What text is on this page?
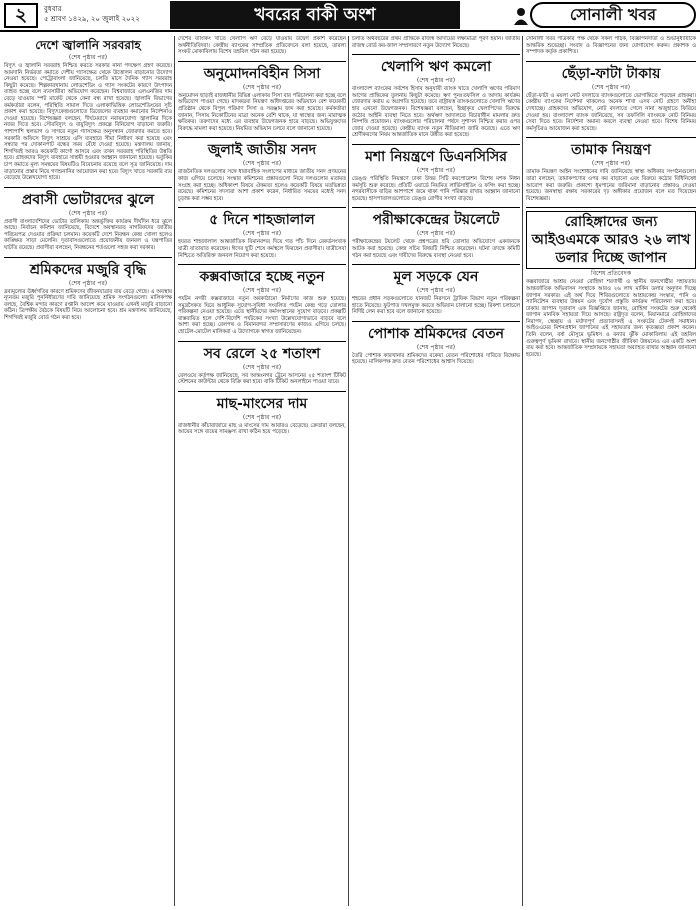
২	বুধবার
৫ শ্রাবণ ১৪২৯, ২০ জুলাই ২০২২	খবরের বাকী অংশ	সোনালী খবর
দেশে জ্বালানি সরবরাহ
(শেষ পৃষ্ঠার পর)
বিদ্যুৎ ও জ্বালানি সরবরাহ নিশ্চিত করতে সরকার নানা পদক্ষেপ গ্রহণ করেছে। আমদানি নির্ভরতা কমাতে দেশীয় গ্যাসক্ষেত্র থেকে উত্তোলন বাড়ানোর উদ্যোগ নেওয়া হয়েছে। পেট্রোবাংলা জানিয়েছে, চলতি মাসে দৈনিক গ্যাস সরবরাহ কিছুটা কমেছে। শিল্পকারখানায় লোডশেডিং ও গ্যাস সংকটের কারণে উৎপাদন ব্যাহত হচ্ছে বলে ব্যবসায়ীরা অভিযোগ করেছেন। বিশ্ববাজারে এলএনজির দাম বেড়ে যাওয়ায় স্পট মার্কেট থেকে কেনা বন্ধ রাখা হয়েছে। জ্বালানি বিভাগের কর্মকর্তারা বলেন, পরিস্থিতি সামাল দিতে এলাকাভিত্তিক লোডশেডিংয়ের সূচি প্রকাশ করা হয়েছে। বিদ্যুৎকেন্দ্রগুলোতে ডিজেলের ব্যবহার কমানোর নির্দেশনাও দেওয়া হয়েছে। বিশেষজ্ঞরা বলছেন, দীর্ঘমেয়াদে নবায়নযোগ্য জ্বালানির দিকে নজর দিতে হবে। সৌরবিদ্যুৎ ও বায়ুবিদ্যুৎ প্রকল্পে বিনিয়োগ বাড়ানো জরুরি। পাশাপাশি স্থলভাগ ও সাগরে নতুন গ্যাসক্ষেত্র অনুসন্ধান জোরদার করতে হবে। সরকারি অফিসে বিদ্যুৎ সাশ্রয়ে এসি ব্যবহারে সীমা নির্ধারণ করা হয়েছে এবং সন্ধ্যার পর দোকানপাট বন্ধের সময় বেঁধে দেওয়া হয়েছে। মন্ত্রণালয় জানায়, শিগগিরই আরও কয়েকটি কার্গো আসবে এবং তখন সরবরাহ পরিস্থিতির উন্নতি হবে। গ্রাহকদের বিদ্যুৎ ব্যবহারে সাশ্রয়ী হওয়ার আহ্বান জানানো হয়েছে। ভর্তুকির চাপ কমাতে মূল্য সমন্বয়ের বিষয়টিও বিবেচনায় রয়েছে বলে সূত্র জানিয়েছে। দাম বাড়ানোর প্রস্তাব নিয়ে গণশুনানির আয়োজন করা হবে। বিদ্যুৎ খাতে সরকারি ব্যয় বেড়েছে উল্লেখযোগ্য হারে।
প্রবাসী ভোটারদের ঝুলে
(শেষ পৃষ্ঠার পর)
প্রবাসী বাংলাদেশিদের ভোটার তালিকায় অন্তর্ভুক্তির কার্যক্রম দীর্ঘদিন ধরে ঝুলে আছে। নির্বাচন কমিশন জানিয়েছে, বিদেশে অবস্থানরত নাগরিকদের জাতীয় পরিচয়পত্র দেওয়ার প্রক্রিয়া চলমান। কয়েকটি দেশে নিবন্ধন কেন্দ্র খোলা হলেও কাঙ্ক্ষিত সাড়া মেলেনি। দূতাবাসগুলোতে প্রয়োজনীয় জনবল ও যন্ত্রপাতির ঘাটতি রয়েছে। প্রবাসীরা বলছেন, নিবন্ধনের শর্তগুলো সহজ করা দরকার।
শ্রমিকদের মজুরি বৃদ্ধি
(শেষ পৃষ্ঠার পর)
দ্রব্যমূল্যের ঊর্ধ্বগতির কারণে শ্রমিকদের জীবনযাত্রার ব্যয় বেড়ে গেছে। এ অবস্থায় ন্যূনতম মজুরি পুনর্নির্ধারণের দাবি জানিয়েছে শ্রমিক সংগঠনগুলো। মালিকপক্ষ বলছে, বৈশ্বিক মন্দার কারণে রপ্তানি আদেশ কমে যাওয়ায় এখনই মজুরি বাড়ানো কঠিন। ত্রিপক্ষীয় বৈঠকে বিষয়টি নিয়ে আলোচনা হবে। শ্রম মন্ত্রণালয় জানিয়েছে, শিগগিরই মজুরি বোর্ড গঠন করা হবে।
দেশের ব্যাংকিং খাতে খেলাপি ঋণ বেড়ে যাওয়ায় উদ্বেগ প্রকাশ করেছেন অর্থনীতিবিদরা। কেন্দ্রীয় ব্যাংকের সাম্প্রতিক প্রতিবেদনে বলা হয়েছে, তারল্য সংকট মোকাবিলায় বিশেষ তহবিল গঠন করা হয়েছে।
অনুমোদনবিহীন সিসা
(শেষ পৃষ্ঠার পর)
অনুমোদন ছাড়াই রাজধানীর বিভিন্ন এলাকায় সিসা বার পরিচালনা করা হচ্ছে বলে অভিযোগ পাওয়া গেছে। মাদকদ্রব্য নিয়ন্ত্রণ অধিদপ্তরের অভিযানে বেশ কয়েকটি প্রতিষ্ঠান থেকে বিপুল পরিমাণ সিসা ও সরঞ্জাম জব্দ করা হয়েছে। কর্মকর্তারা জানান, সিসায় নিকোটিনের মাত্রা অনেক বেশি থাকে, যা স্বাস্থ্যের জন্য মারাত্মক ক্ষতিকর। তরুণদের মধ্যে এর ব্যবহার উদ্বেগজনক হারে বাড়ছে। অভিযুক্তদের বিরুদ্ধে মামলা করা হয়েছে। নিয়মিত অভিযান চলবে বলে জানানো হয়েছে।
জুলাই জাতীয় সনদ
(শেষ পৃষ্ঠার পর)
রাজনৈতিক দলগুলোর সঙ্গে ধারাবাহিক সংলাপের মাধ্যমে জাতীয় সনদ প্রণয়নের কাজ এগিয়ে চলেছে। সংস্কার কমিশনের প্রস্তাবগুলো নিয়ে দলগুলোর মতামত সংগ্রহ করা হচ্ছে। অধিকাংশ বিষয়ে ঐকমত্য হলেও কয়েকটি বিষয়ে মতভিন্নতা রয়েছে। কমিশনের সদস্যরা আশা প্রকাশ করেন, নির্ধারিত সময়ের মধ্যেই সনদ চূড়ান্ত করা সম্ভব হবে।
৫ দিনে শাহজালাল
(শেষ পৃষ্ঠার পর)
হযরত শাহজালাল আন্তর্জাতিক বিমানবন্দর দিয়ে গত পাঁচ দিনে রেকর্ডসংখ্যক যাত্রী যাতায়াত করেছেন। ঈদের ছুটি শেষে কর্মস্থলে ফিরছেন প্রবাসীরা। যাত্রীসেবা নিশ্চিতে অতিরিক্ত জনবল নিয়োগ করা হয়েছে।
কক্সবাজারে হচ্ছে নতুন
(শেষ পৃষ্ঠার পর)
পর্যটন নগরী কক্সবাজারে নতুন অবকাঠামো নির্মাণের কাজ শুরু হয়েছে। সমুদ্রসৈকত ঘিরে আধুনিক সুযোগ-সুবিধা সংবলিত পর্যটন কেন্দ্র গড়ে তোলার পরিকল্পনা নেওয়া হয়েছে। এতে স্থানীয়দের কর্মসংস্থানের সুযোগ বাড়বে। প্রকল্পটি বাস্তবায়িত হলে দেশি-বিদেশি পর্যটকের সংখ্যা উল্লেখযোগ্যভাবে বাড়বে বলে আশা করা হচ্ছে। রেলপথ ও বিমানবন্দর সম্প্রসারণের কাজও এগিয়ে চলছে। হোটেল-মোটেল মালিকরা এ উদ্যোগকে স্বাগত জানিয়েছেন।
সব রেলে ২৫ শতাংশ
(শেষ পৃষ্ঠার পর)
রেলওয়ে কর্তৃপক্ষ জানিয়েছে, সব আন্তঃনগর ট্রেনে আসনের ২৫ শতাংশ টিকিট স্টেশনের কাউন্টার থেকে বিক্রি করা হবে। বাকি টিকিট অনলাইনে পাওয়া যাবে।
মাছ-মাংসের দাম
(শেষ পৃষ্ঠার পর)
রাজধানীর কাঁচাবাজারে মাছ ও মাংসের দাম আবারও বেড়েছে। ক্রেতারা বলছেন, আয়ের সঙ্গে ব্যয়ের সামঞ্জস্য রাখা কঠিন হয়ে পড়েছে।
চলতি অর্থবছরের প্রথম প্রান্তিকে রাজস্ব আদায়ের লক্ষ্যমাত্রা পূরণ হয়নি। জাতীয় রাজস্ব বোর্ড কর-জাল সম্প্রসারণে নতুন উদ্যোগ নিয়েছে।
খেলাপি ঋণ কমলো
(শেষ পৃষ্ঠার পর)
বাংলাদেশ ব্যাংকের সর্বশেষ হিসাব অনুযায়ী ব্যাংক খাতে খেলাপি ঋণের পরিমাণ আগের প্রান্তিকের তুলনায় কিছুটা কমেছে। ঋণ পুনঃতফসিল ও আদায় কার্যক্রম জোরদার করায় এ অগ্রগতি হয়েছে। তবে রাষ্ট্রায়ত্ত ব্যাংকগুলোতে খেলাপি ঋণের হার এখনো উদ্বেগজনক। বিশেষজ্ঞরা বলছেন, ইচ্ছাকৃত খেলাপিদের বিরুদ্ধে কঠোর আইনি ব্যবস্থা নিতে হবে। অর্থঋণ আদালতে বিচারাধীন মামলার দ্রুত নিষ্পত্তি প্রয়োজন। ব্যাংকগুলোর পরিচালনা পর্ষদে সুশাসন নিশ্চিত করার ওপর জোর দেওয়া হয়েছে। কেন্দ্রীয় ব্যাংক নতুন নীতিমালা জারি করেছে। এতে ঋণ শ্রেণীকরণের নিয়ম আন্তর্জাতিক মানে উন্নীত করা হয়েছে।
মশা নিয়ন্ত্রণে ডিএনসিসির
(শেষ পৃষ্ঠার পর)
ডেঙ্গু পরিস্থিতি নিয়ন্ত্রণে ঢাকা উত্তর সিটি করপোরেশন বিশেষ মশক নিধন কর্মসূচি শুরু করেছে। প্রতিটি ওয়ার্ডে নিয়মিত লার্ভিসাইডিং ও ফগিং করা হচ্ছে। নগরবাসীকে বাড়ির আশপাশে জমে থাকা পানি পরিষ্কার রাখার আহ্বান জানানো হয়েছে। হাসপাতালগুলোতে ডেঙ্গু রোগীর সংখ্যা বাড়ছে।
পরীক্ষাকেন্দ্রের টয়লেটে
(শেষ পৃষ্ঠার পর)
পরীক্ষাকেন্দ্রের টয়লেট থেকে প্রশ্নপত্রের ছবি তোলার অভিযোগে একজনকে আটক করা হয়েছে। কেন্দ্র সচিব বিষয়টি নিশ্চিত করেছেন। ঘটনা তদন্তে কমিটি গঠন করা হয়েছে এবং দায়ীদের বিরুদ্ধে ব্যবস্থা নেওয়া হবে।
মূল সড়কে যেন
(শেষ পৃষ্ঠার পর)
শহরের প্রধান সড়কগুলোতে যানজট নিরসনে ট্রাফিক বিভাগ নতুন পরিকল্পনা হাতে নিয়েছে। ফুটপাত দখলমুক্ত করতে অভিযান চালানো হচ্ছে। রিকশা চলাচলে নির্দিষ্ট লেন করা হবে বলে জানানো হয়েছে।
পোশাক শ্রমিকদের বেতন
(শেষ পৃষ্ঠার পর)
তৈরি পোশাক কারখানার শ্রমিকদের বকেয়া বেতন পরিশোধের দাবিতে বিক্ষোভ হয়েছে। মালিকপক্ষ দ্রুত বেতন পরিশোধের আশ্বাস দিয়েছে।
সোনালী খবর পত্রিকার পক্ষ থেকে সকল পাঠক, বিজ্ঞাপনদাতা ও শুভানুধ্যায়ীকে আন্তরিক শুভেচ্ছা। সংবাদ ও বিজ্ঞাপনের জন্য যোগাযোগ করুন। প্রকাশক ও সম্পাদক কর্তৃক প্রকাশিত।
ছেঁড়া-ফাটা টাকায়
(শেষ পৃষ্ঠার পর)
ছেঁড়া-ফাটা ও ময়লা নোট বদলাতে ব্যাংকগুলোতে ভোগান্তিতে পড়ছেন গ্রাহকরা। কেন্দ্রীয় ব্যাংকের নির্দেশনা থাকলেও অনেক শাখা এসব নোট গ্রহণে অনীহা দেখাচ্ছে। গ্রাহকদের অভিযোগ, নোট বদলাতে গেলে নানা অজুহাতে ফিরিয়ে দেওয়া হয়। বাংলাদেশ ব্যাংক জানিয়েছে, সব তফসিলি ব্যাংককে নোট বিনিময় সেবা দিতে হবে। নির্দেশনা অমান্য করলে ব্যবস্থা নেওয়া হবে। বিশেষ বিনিময় কর্মসূচিরও আয়োজন করা হয়েছে।
তামাক নিয়ন্ত্রণ
(শেষ পৃষ্ঠার পর)
তামাক নিয়ন্ত্রণ আইন সংশোধনের দাবি জানিয়েছে স্বাস্থ্য অধিকার সংগঠনগুলো। তারা বলছেন, তামাকপণ্যের ওপর কর বাড়ানো এবং বিক্রয়ে কঠোর বিধিনিষেধ আরোপ করা জরুরি। প্রকাশ্যে ধূমপানের জরিমানা বাড়ানোর প্রস্তাবও দেওয়া হয়েছে। জনস্বাস্থ্য রক্ষায় সরকারের দৃঢ় অঙ্গীকার প্রয়োজন বলে মত দিয়েছেন বিশেষজ্ঞরা।
রোহিঙ্গাদের জন্য আইওএমকে আরও ২৬ লাখ ডলার দিচ্ছে জাপান
বিশেষ প্রতিবেদক
কক্সবাজারে আশ্রয় নেওয়া রোহিঙ্গা শরণার্থী ও স্থানীয় জনগোষ্ঠীর সহায়তায় আন্তর্জাতিক অভিবাসন সংস্থাকে আরও ২৬ লাখ মার্কিন ডলার অনুদান দিচ্ছে জাপান সরকার। এই অর্থ দিয়ে শিবিরগুলোতে আশ্রয়কেন্দ্র সংস্কার, পানি ও স্যানিটেশন ব্যবস্থার উন্নয়ন এবং দুর্যোগ প্রস্তুতি কার্যক্রম পরিচালনা করা হবে। ঢাকায় জাপান দূতাবাস এক বিজ্ঞপ্তিতে জানায়, রোহিঙ্গা সংকটের শুরু থেকেই জাপান মানবিক সহায়তা দিয়ে আসছে। রাষ্ট্রদূত বলেন, মিয়ানমারে রোহিঙ্গাদের নিরাপদ, স্বেচ্ছায় ও মর্যাদাপূর্ণ প্রত্যাবাসনই এ সংকটের টেকসই সমাধান। আইওএমের মিশনপ্রধান জাপানের এই সহায়তার জন্য কৃতজ্ঞতা প্রকাশ করেন। তিনি বলেন, বর্ষা মৌসুমে ভূমিধস ও বন্যার ঝুঁকি মোকাবিলায় এই তহবিল গুরুত্বপূর্ণ ভূমিকা রাখবে। স্থানীয় জনগোষ্ঠীর জীবিকা উন্নয়নেও এর একটি অংশ ব্যয় করা হবে। আন্তর্জাতিক সম্প্রদায়কে সহায়তা অব্যাহত রাখার আহ্বান জানানো হয়েছে।
